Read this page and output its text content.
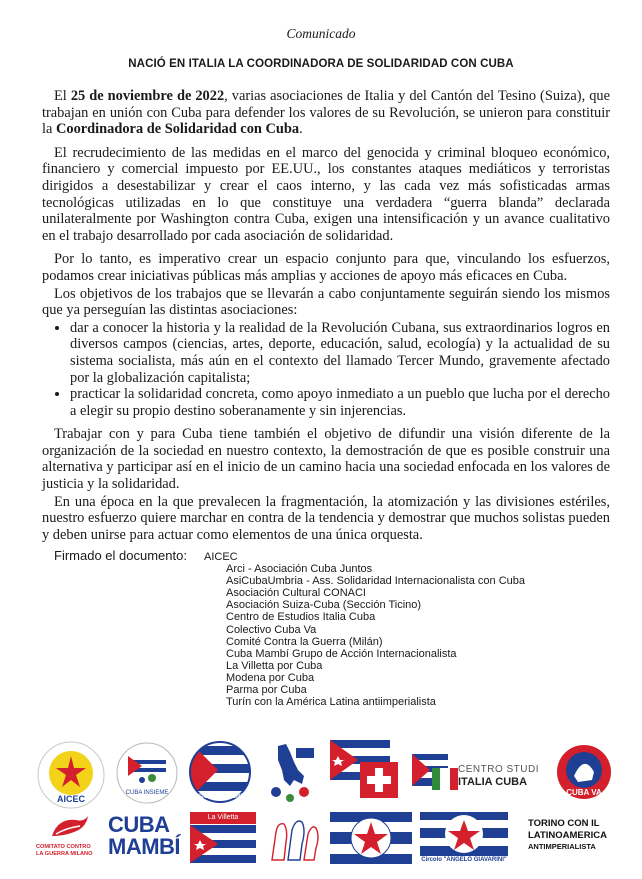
Comunicado
NACIÓ EN ITALIA LA COORDINADORA DE SOLIDARIDAD CON CUBA

El 25 de noviembre de 2022, varias asociaciones de Italia y del Cantón del Tesino (Suiza), que trabajan en unión con Cuba para defender los valores de su Revolución, se unieron para constituir la Coordinadora de Solidaridad con Cuba.

El recrudecimiento de las medidas en el marco del genocida y criminal bloqueo económico, financiero y comercial impuesto por EE.UU., los constantes ataques mediáticos y terroristas dirigidos a desestabilizar y crear el caos interno, y las cada vez más sofisticadas armas tecnológicas utilizadas en lo que constituye una verdadera “guerra blanda” declarada unilateralmente por Washington contra Cuba, exigen una intensificación y un avance cualitativo en el trabajo desarrollado por cada asociación de solidaridad.

Por lo tanto, es imperativo crear un espacio conjunto para que, vinculando los esfuerzos, podamos crear iniciativas públicas más amplias y acciones de apoyo más eficaces en Cuba.

Los objetivos de los trabajos que se llevarán a cabo conjuntamente seguirán siendo los mismos que ya perseguían las distintas asociaciones:

• dar a conocer la historia y la realidad de la Revolución Cubana, sus extraordinarios logros en diversos campos (ciencias, artes, deporte, educación, salud, ecología) y la actualidad de su sistema socialista, más aún en el contexto del llamado Tercer Mundo, gravemente afectado por la globalización capitalista;
• practicar la solidaridad concreta, como apoyo inmediato a un pueblo que lucha por el derecho a elegir su propio destino soberanamente y sin injerencias.

Trabajar con y para Cuba tiene también el objetivo de difundir una visión diferente de la organización de la sociedad en nuestro contexto, la demostración de que es posible construir una alternativa y participar así en el inicio de un camino hacia una sociedad enfocada en los valores de justicia y la solidaridad.

En una época en la que prevalecen la fragmentación, la atomización y las divisiones estériles, nuestro esfuerzo quiere marchar en contra de la tendencia y demostrar que muchos solistas pueden y deben unirse para actuar como elementos de una única orquesta.

Firmado el documento: AICEC
Arci - Asociación Cuba Juntos
AsiCubaUmbria - Ass. Solidaridad Internacionalista con Cuba
Asociación Cultural CONACI
Asociación Suiza-Cuba (Sección Ticino)
Centro de Estudios Italia Cuba
Colectivo Cuba Va
Comité Contra la Guerra (Milán)
Cuba Mambí Grupo de Acción Internacionalista
La Villetta por Cuba
Modena por Cuba
Parma por Cuba
Turín con la América Latina antiimperialista
AICEC
CUBA INSIEME
ASICUBA UMBRIA
CENTRO STUDI
ITALIA CUBA
CUBA VA
COMITATO CONTRO
LA GUERRA MILANO
CUBA
MAMBÍ
La Villetta
Circolo "ANGELO GIAVARINI"
TORINO CON IL
LATINOAMERICA
ANTIMPERIALISTA
